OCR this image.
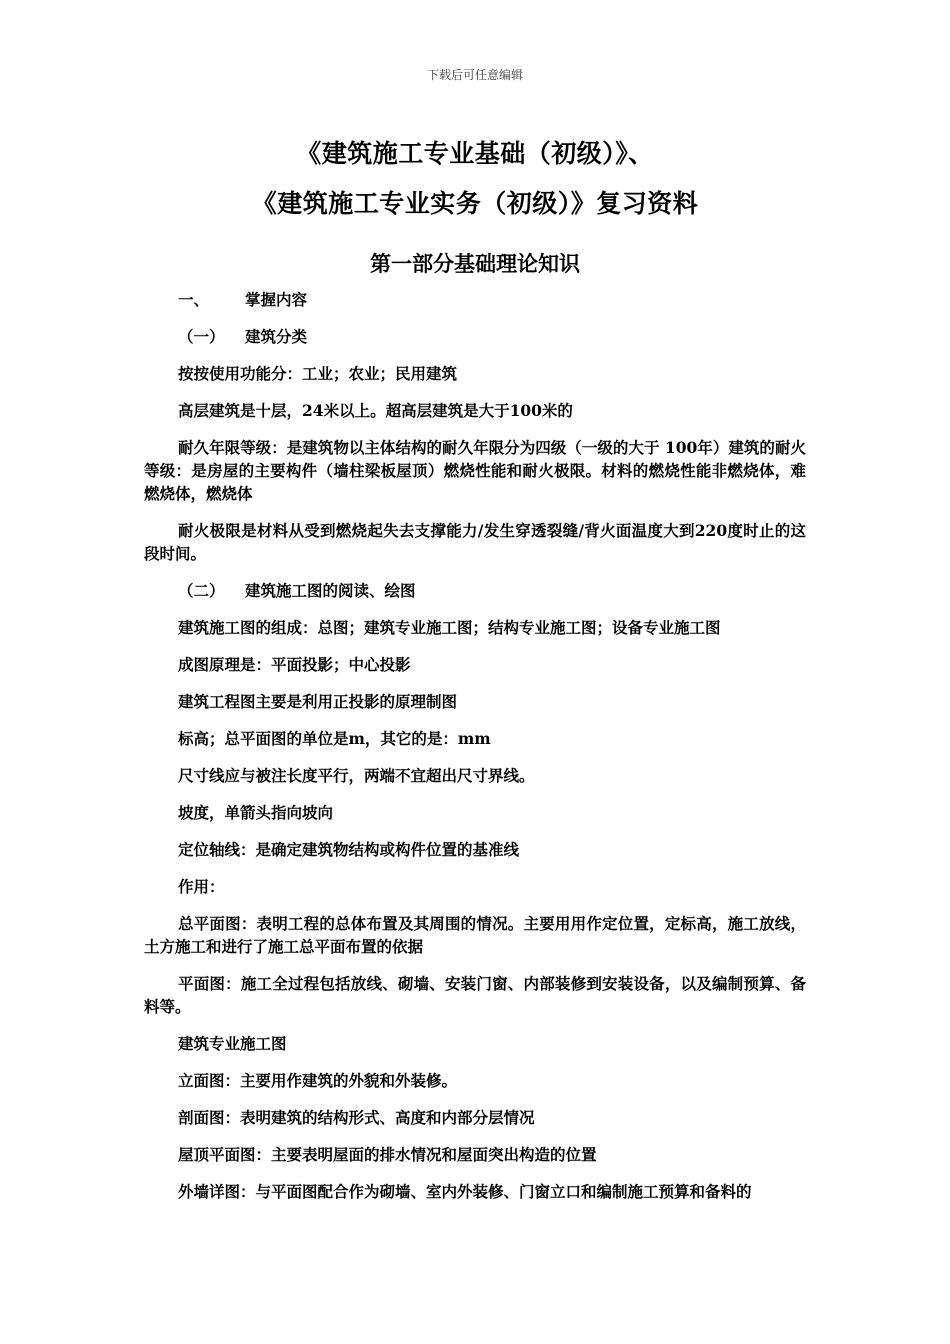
下载后可任意编辑
《建筑施工专业基础（初级）》、
《建筑施工专业实务（初级）》复习资料
第一部分基础理论知识
一、	掌握内容
（一）	建筑分类

按按使用功能分：工业；农业；民用建筑

高层建筑是十层，24米以上。超高层建筑是大于100米的

耐久年限等级：是建筑物以主体结构的耐久年限分为四级（一级的大于 100年）建筑的耐火等级：是房屋的主要构件（墙柱梁板屋顶）燃烧性能和耐火极限。材料的燃烧性能非燃烧体，难燃烧体，燃烧体

耐火极限是材料从受到燃烧起失去支撑能力/发生穿透裂缝/背火面温度大到220度时止的这段时间。

（二）	建筑施工图的阅读、绘图

建筑施工图的组成：总图；建筑专业施工图；结构专业施工图；设备专业施工图

成图原理是：平面投影；中心投影

建筑工程图主要是利用正投影的原理制图

标高；总平面图的单位是m，其它的是：mm

尺寸线应与被注长度平行，两端不宜超出尺寸界线。

坡度，单箭头指向坡向

定位轴线：是确定建筑物结构或构件位置的基准线

作用：

总平面图：表明工程的总体布置及其周围的情况。主要用用作定位置，定标高，施工放线，土方施工和进行了施工总平面布置的依据

平面图：施工全过程包括放线、砌墙、安装门窗、内部装修到安装设备，以及编制预算、备料等。

建筑专业施工图

立面图：主要用作建筑的外貌和外装修。

剖面图：表明建筑的结构形式、高度和内部分层情况

屋顶平面图：主要表明屋面的排水情况和屋面突出构造的位置

外墙详图：与平面图配合作为砌墙、室内外装修、门窗立口和编制施工预算和备料的
